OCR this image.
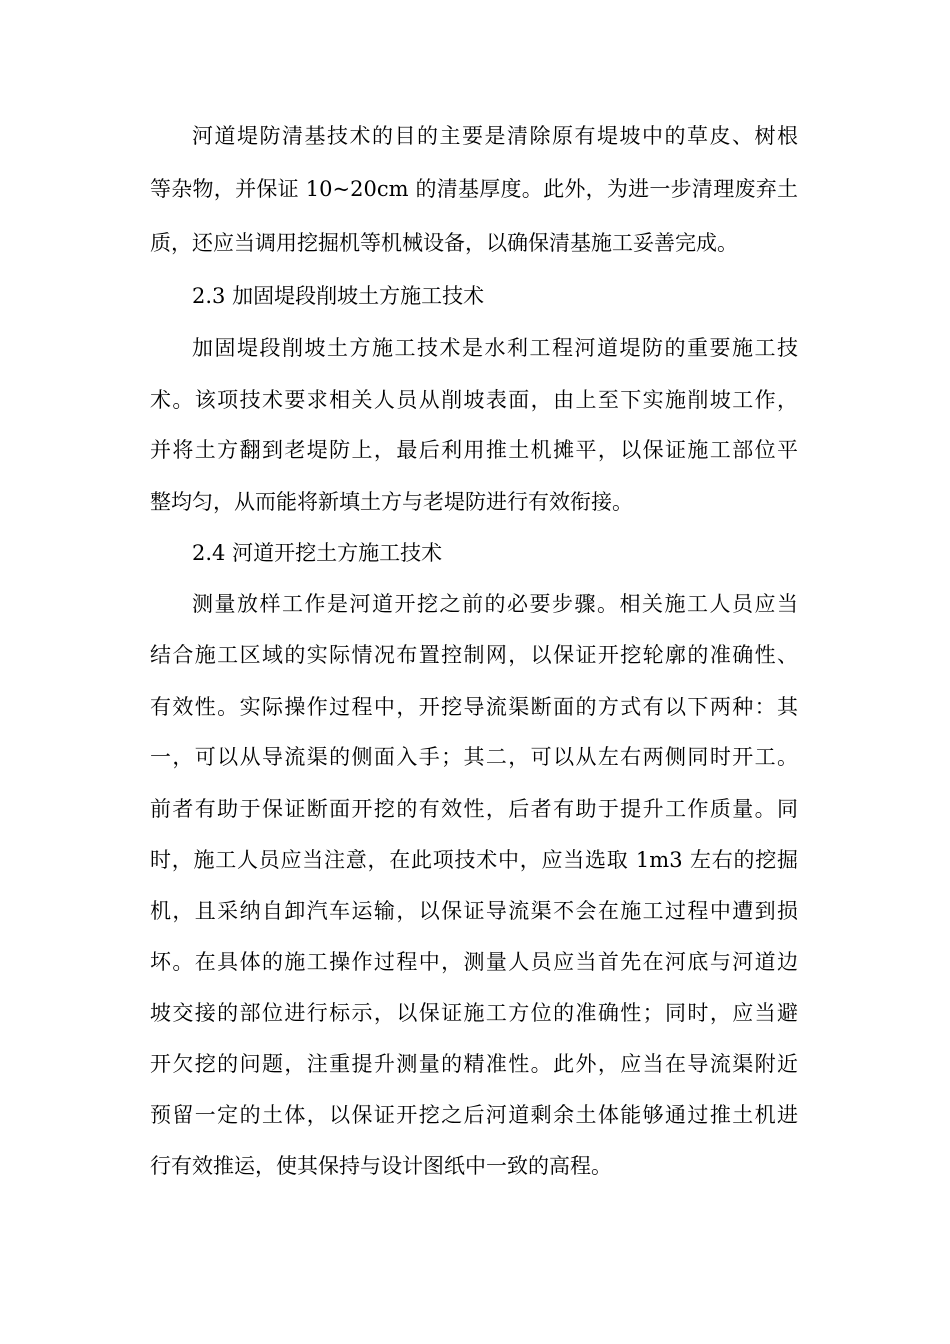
河道堤防清基技术的目的主要是清除原有堤坡中的草皮、树根

等杂物，并保证 10~20cm 的清基厚度。此外，为进一步清理废弃土

质，还应当调用挖掘机等机械设备，以确保清基施工妥善完成。

2.3 加固堤段削坡土方施工技术

加固堤段削坡土方施工技术是水利工程河道堤防的重要施工技

术。该项技术要求相关人员从削坡表面，由上至下实施削坡工作，

并将土方翻到老堤防上，最后利用推土机摊平，以保证施工部位平

整均匀，从而能将新填土方与老堤防进行有效衔接。

2.4 河道开挖土方施工技术

测量放样工作是河道开挖之前的必要步骤。相关施工人员应当

结合施工区域的实际情况布置控制网，以保证开挖轮廓的准确性、

有效性。实际操作过程中，开挖导流渠断面的方式有以下两种：其

一，可以从导流渠的侧面入手；其二，可以从左右两侧同时开工。

前者有助于保证断面开挖的有效性，后者有助于提升工作质量。同

时，施工人员应当注意，在此项技术中，应当选取 1m3 左右的挖掘

机，且采纳自卸汽车运输，以保证导流渠不会在施工过程中遭到损

坏。在具体的施工操作过程中，测量人员应当首先在河底与河道边

坡交接的部位进行标示，以保证施工方位的准确性；同时，应当避

开欠挖的问题，注重提升测量的精准性。此外，应当在导流渠附近

预留一定的土体，以保证开挖之后河道剩余土体能够通过推土机进

行有效推运，使其保持与设计图纸中一致的高程。
